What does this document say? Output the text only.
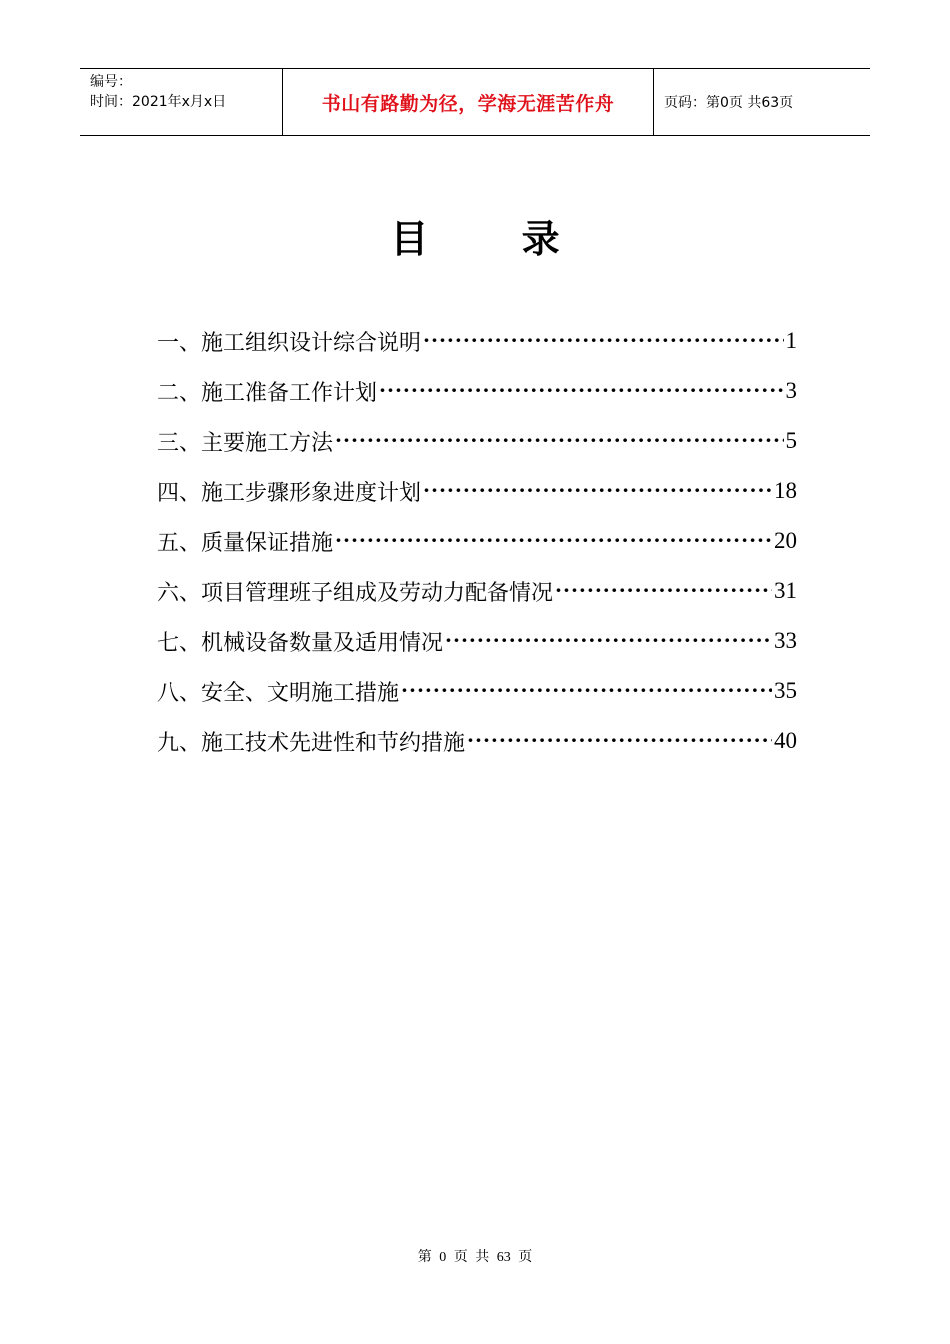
编号：
时间：2021年x月x日	书山有路勤为径，学海无涯苦作舟	页码：第0页 共63页
目 录
一、施工组织设计综合说明 ·····	1
二、施工准备工作计划 ·····	3
三、主要施工方法 ·····	5
四、施工步骤形象进度计划 ·····	18
五、质量保证措施 ·····	20
六、项目管理班子组成及劳动力配备情况 ·····	31
七、机械设备数量及适用情况 ·····	33
八、安全、文明施工措施 ·····	35
九、施工技术先进性和节约措施 ·····	40
第 0 页 共 63 页
